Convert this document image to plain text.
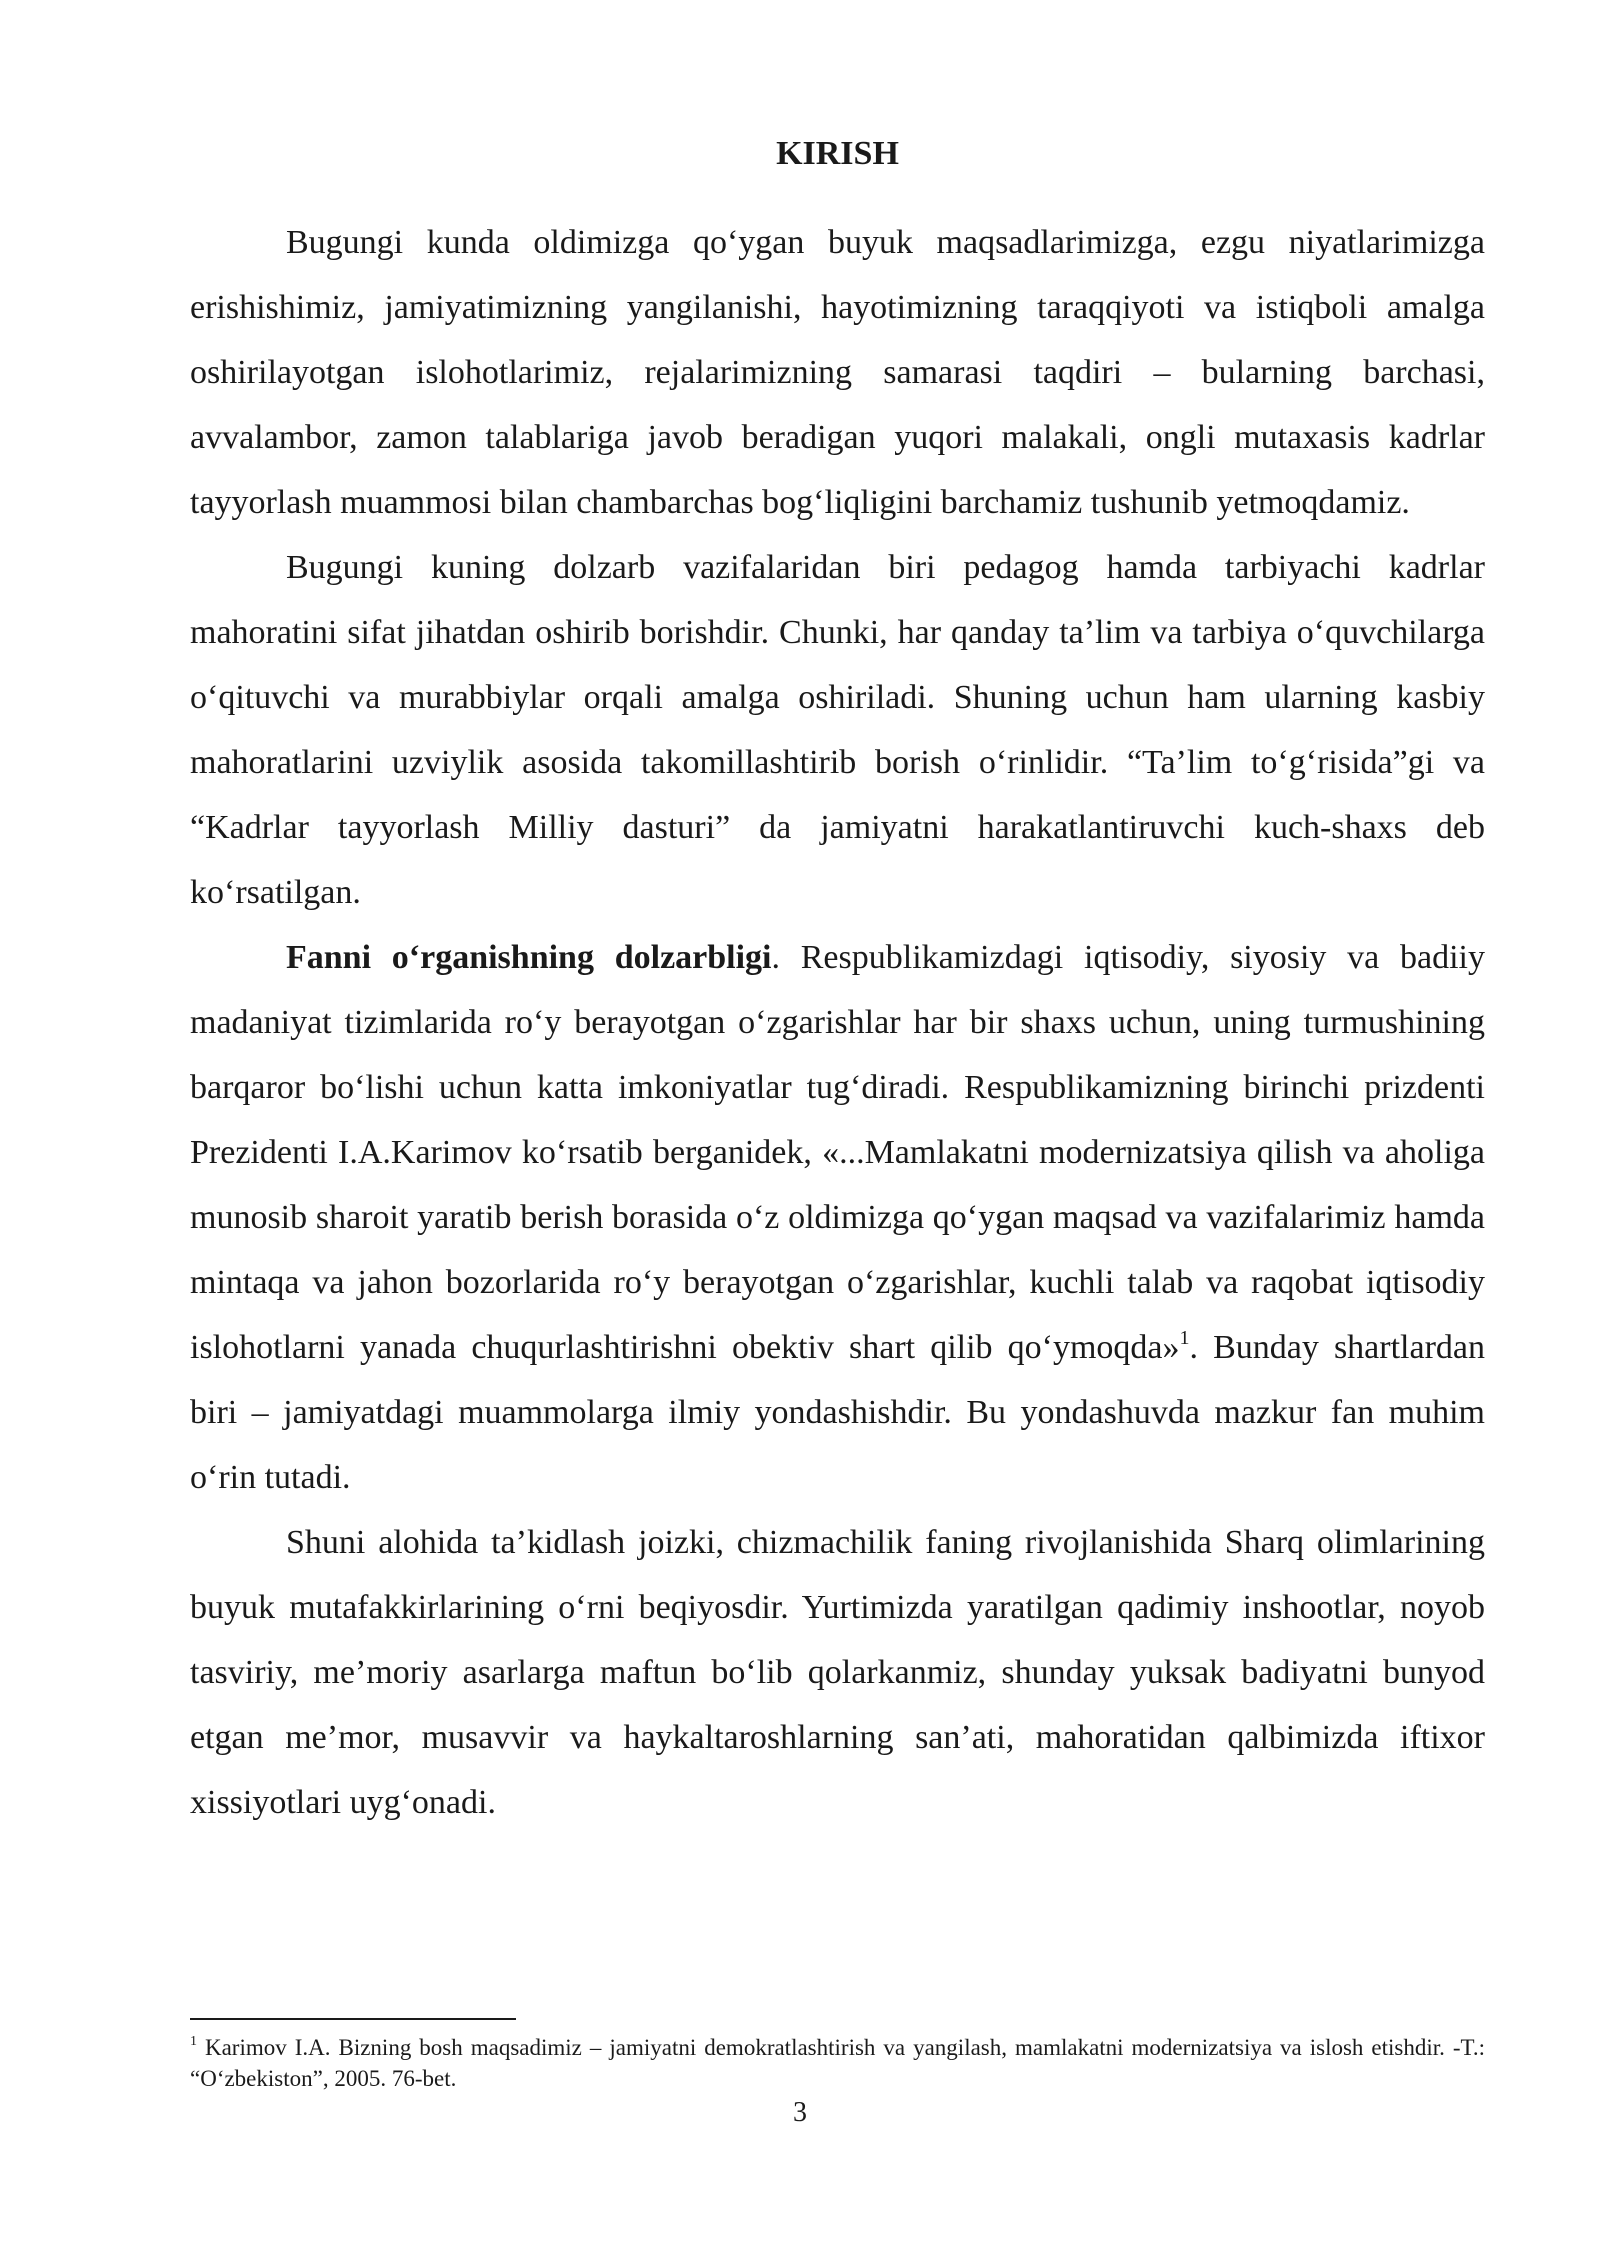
KIRISH

Bugungi kunda oldimizga qo‘ygan buyuk maqsadlarimizga, ezgu niyatlarimizga erishishimiz, jamiyatimizning yangilanishi, hayotimizning taraqqiyoti va istiqboli amalga oshirilayotgan islohotlarimiz, rejalarimizning samarasi taqdiri – bularning barchasi, avvalambor, zamon talablariga javob beradigan yuqori malakali, ongli mutaxasis kadrlar tayyorlash muammosi bilan chambarchas bog‘liqligini barchamiz tushunib yetmoqdamiz.

Bugungi kuning dolzarb vazifalaridan biri pedagog hamda tarbiyachi kadrlar mahoratini sifat jihatdan oshirib borishdir. Chunki, har qanday ta’lim va tarbiya o‘quvchilarga o‘qituvchi va murabbiylar orqali amalga oshiriladi. Shuning uchun ham ularning kasbiy mahoratlarini uzviylik asosida takomillashtirib borish o‘rinlidir. “Ta’lim to‘g‘risida”gi va “Kadrlar tayyorlash Milliy dasturi” da jamiyatni harakatlantiruvchi kuch-shaxs deb ko‘rsatilgan.

Fanni o‘rganishning dolzarbligi. Respublikamizdagi iqtisodiy, siyosiy va badiiy madaniyat tizimlarida ro‘y berayotgan o‘zgarishlar har bir shaxs uchun, uning turmushining barqaror bo‘lishi uchun katta imkoniyatlar tug‘diradi. Respublikamizning birinchi prizdenti Prezidenti I.A.Karimov ko‘rsatib berganidek, «...Mamlakatni modernizatsiya qilish va aholiga munosib sharoit yaratib berish borasida o‘z oldimizga qo‘ygan maqsad va vazifalarimiz hamda mintaqa va jahon bozorlarida ro‘y berayotgan o‘zgarishlar, kuchli talab va raqobat iqtisodiy islohotlarni yanada chuqurlashtirishni obektiv shart qilib qo‘ymoqda»$^1$. Bunday shartlardan biri – jamiyatdagi muammolarga ilmiy yondashishdir. Bu yondashuvda mazkur fan muhim o‘rin tutadi.

Shuni alohida ta’kidlash joizki, chizmachilik faning rivojlanishida Sharq olimlarining buyuk mutafakkirlarining o‘rni beqiyosdir. Yurtimizda yaratilgan qadimiy inshootlar, noyob tasviriy, me’moriy asarlarga maftun bo‘lib qolarkanmiz, shunday yuksak badiyatni bunyod etgan me’mor, musavvir va haykaltaroshlarning san’ati, mahoratidan qalbimizda iftixor xissiyotlari uyg‘onadi.

$^1$ Karimov I.A. Bizning bosh maqsadimiz – jamiyatni demokratlashtirish va yangilash, mamlakatni modernizatsiya va islosh etishdir. -T.: “O‘zbekiston”, 2005. 76-bet.

3
